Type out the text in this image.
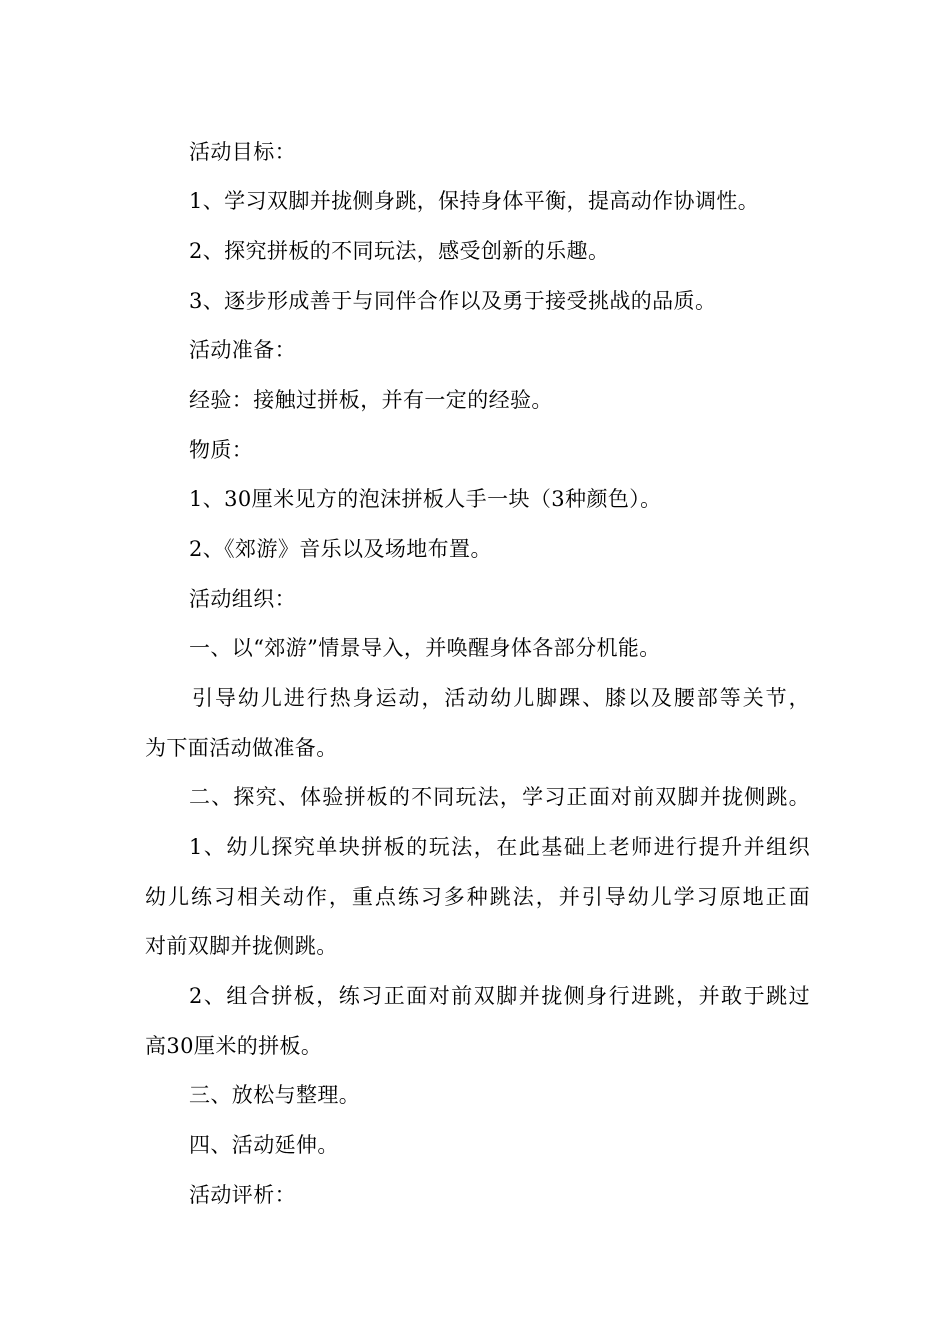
活动目标：
1、学习双脚并拢侧身跳，保持身体平衡，提高动作协调性。
2、探究拼板的不同玩法，感受创新的乐趣。
3、逐步形成善于与同伴合作以及勇于接受挑战的品质。
活动准备：
经验：接触过拼板，并有一定的经验。
物质：
1、30厘米见方的泡沫拼板人手一块（3种颜色）。
2、《郊游》音乐以及场地布置。
活动组织：
一、以“郊游”情景导入，并唤醒身体各部分机能。
引导幼儿进行热身运动，活动幼儿脚踝、膝以及腰部等关节，
为下面活动做准备。
二、探究、体验拼板的不同玩法，学习正面对前双脚并拢侧跳。
1、幼儿探究单块拼板的玩法，在此基础上老师进行提升并组织
幼儿练习相关动作，重点练习多种跳法，并引导幼儿学习原地正面
对前双脚并拢侧跳。
2、组合拼板，练习正面对前双脚并拢侧身行进跳，并敢于跳过
高30厘米的拼板。
三、放松与整理。
四、活动延伸。
活动评析：
